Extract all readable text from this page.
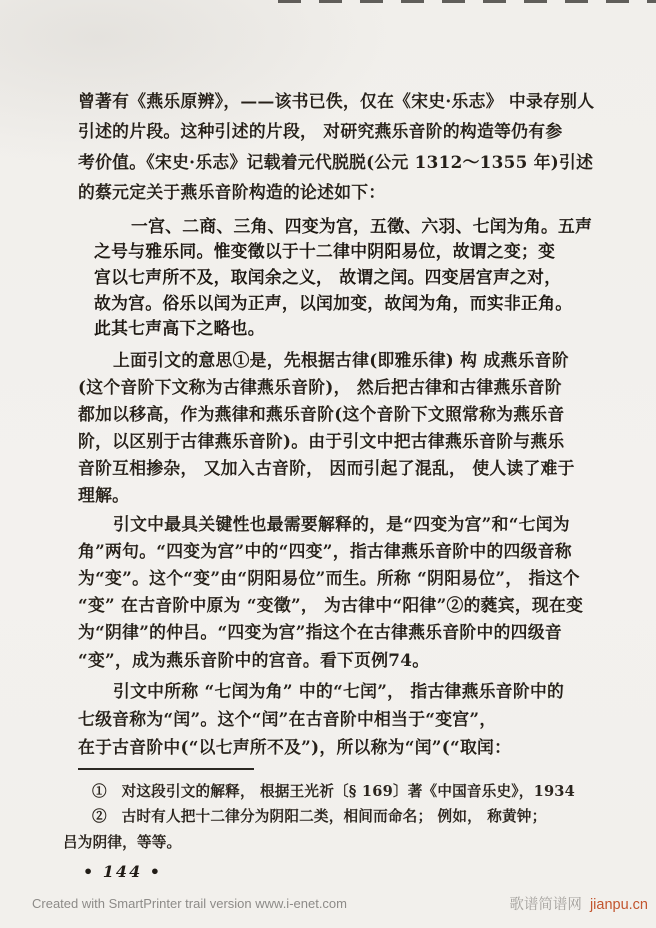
曾著有《燕乐原辨》，——该书已佚，仅在《宋史·乐志》 中录存别人
引述的片段。这种引述的片段， 对研究燕乐音阶的构造等仍有参
考价值。《宋史·乐志》记载着元代脱脱(公元 1312～1355 年)引述
的蔡元定关于燕乐音阶构造的论述如下：
一宫、二商、三角、四变为宫，五徵、六羽、七闰为角。五声
之号与雅乐同。惟变徵以于十二律中阴阳易位，故谓之变；变
宫以七声所不及，取闰余之义， 故谓之闰。四变居宫声之对，
故为宫。俗乐以闰为正声，以闰加变，故闰为角，而实非正角。
此其七声高下之略也。
上面引文的意思①是，先根据古律(即雅乐律) 构 成燕乐音阶
(这个音阶下文称为古律燕乐音阶)， 然后把古律和古律燕乐音阶
都加以移高，作为燕律和燕乐音阶(这个音阶下文照常称为燕乐音
阶，以区别于古律燕乐音阶)。由于引文中把古律燕乐音阶与燕乐
音阶互相掺杂， 又加入古音阶， 因而引起了混乱， 使人读了难于
理解。
引文中最具关键性也最需要解释的，是“四变为宫”和“七闰为
角”两句。“四变为宫”中的“四变”，指古律燕乐音阶中的四级音称
为“变”。这个“变”由“阴阳易位”而生。所称 “阴阳易位”， 指这个
“变” 在古音阶中原为 “变徵”， 为古律中“阳律”②的蕤宾，现在变
为“阴律”的仲吕。“四变为宫”指这个在古律燕乐音阶中的四级音
“变”，成为燕乐音阶中的宫音。看下页例74。
引文中所称 “七闰为角” 中的“七闰”， 指古律燕乐音阶中的
七级音称为“闰”。这个“闰”在古音阶中相当于“变宫”，
在于古音阶中(“以七声所不及”)，所以称为“闰”(“取闰：
①　对这段引文的解释， 根据王光祈〔§ 169〕著《中国音乐史》，1934
②　古时有人把十二律分为阴阳二类，相间而命名； 例如， 称黄钟；
吕为阴律，等等。
• 144 •
Created with SmartPrinter trail version www.i-enet.com	歌谱简谱网 jianpu.cn
